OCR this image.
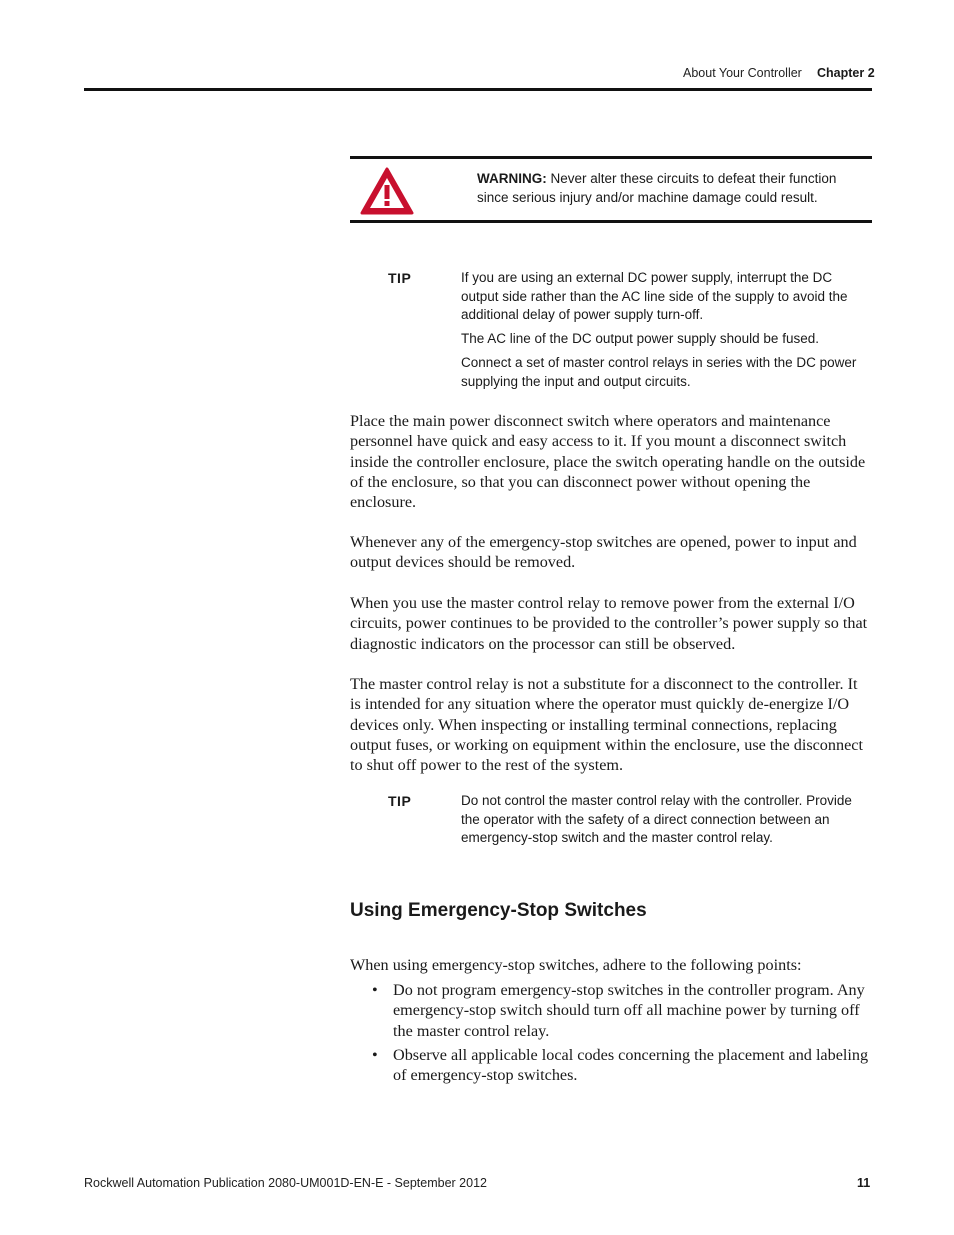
About Your Controller Chapter 2
WARNING: Never alter these circuits to defeat their function since serious injury and/or machine damage could result.
TIP	If you are using an external DC power supply, interrupt the DC output side rather than the AC line side of the supply to avoid the additional delay of power supply turn-off.

The AC line of the DC output power supply should be fused.

Connect a set of master control relays in series with the DC power supplying the input and output circuits.

Place the main power disconnect switch where operators and maintenance personnel have quick and easy access to it. If you mount a disconnect switch inside the controller enclosure, place the switch operating handle on the outside of the enclosure, so that you can disconnect power without opening the enclosure.

Whenever any of the emergency-stop switches are opened, power to input and output devices should be removed.

When you use the master control relay to remove power from the external I/O circuits, power continues to be provided to the controller’s power supply so that diagnostic indicators on the processor can still be observed.

The master control relay is not a substitute for a disconnect to the controller. It is intended for any situation where the operator must quickly de-energize I/O devices only. When inspecting or installing terminal connections, replacing output fuses, or working on equipment within the enclosure, use the disconnect to shut off power to the rest of the system.

TIP	Do not control the master control relay with the controller. Provide the operator with the safety of a direct connection between an emergency-stop switch and the master control relay.
Using Emergency-Stop Switches

When using emergency-stop switches, adhere to the following points:

• Do not program emergency-stop switches in the controller program. Any emergency-stop switch should turn off all machine power by turning off the master control relay.
• Observe all applicable local codes concerning the placement and labeling of emergency-stop switches.
Rockwell Automation Publication 2080-UM001D-EN-E - September 2012	11
